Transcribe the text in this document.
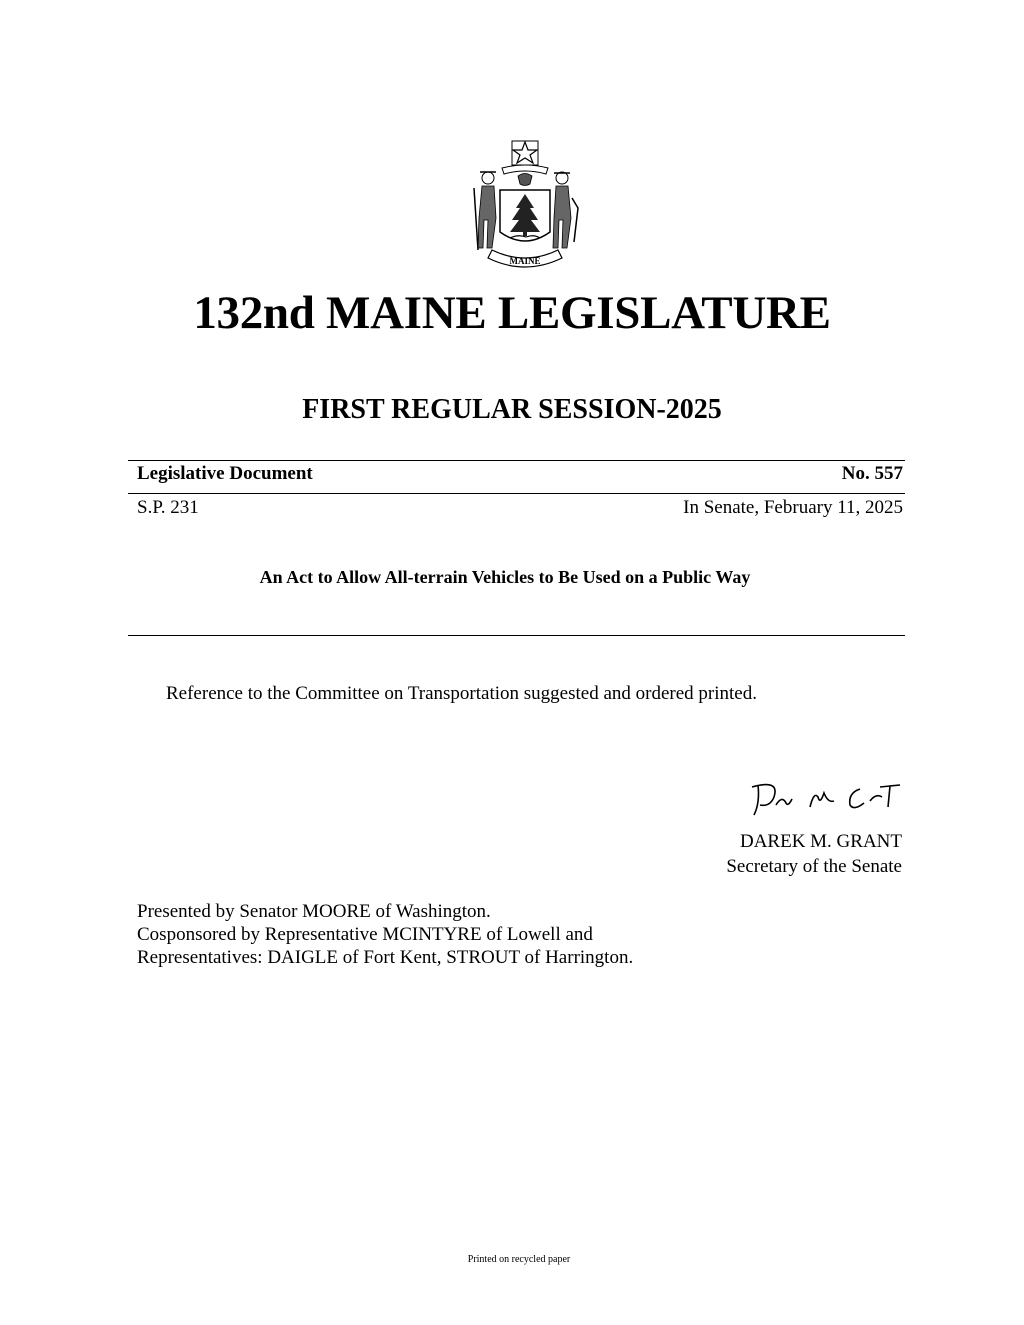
MAINE
132nd MAINE LEGISLATURE
FIRST REGULAR SESSION-2025
Legislative Document	No. 557
S.P. 231	In Senate, February 11, 2025
An Act to Allow All-terrain Vehicles to Be Used on a Public Way
Reference to the Committee on Transportation suggested and ordered printed.
DAREK M. GRANT
Secretary of the Senate
Presented by Senator MOORE of Washington.
Cosponsored by Representative MCINTYRE of Lowell and
Representatives: DAIGLE of Fort Kent, STROUT of Harrington.
Printed on recycled paper
